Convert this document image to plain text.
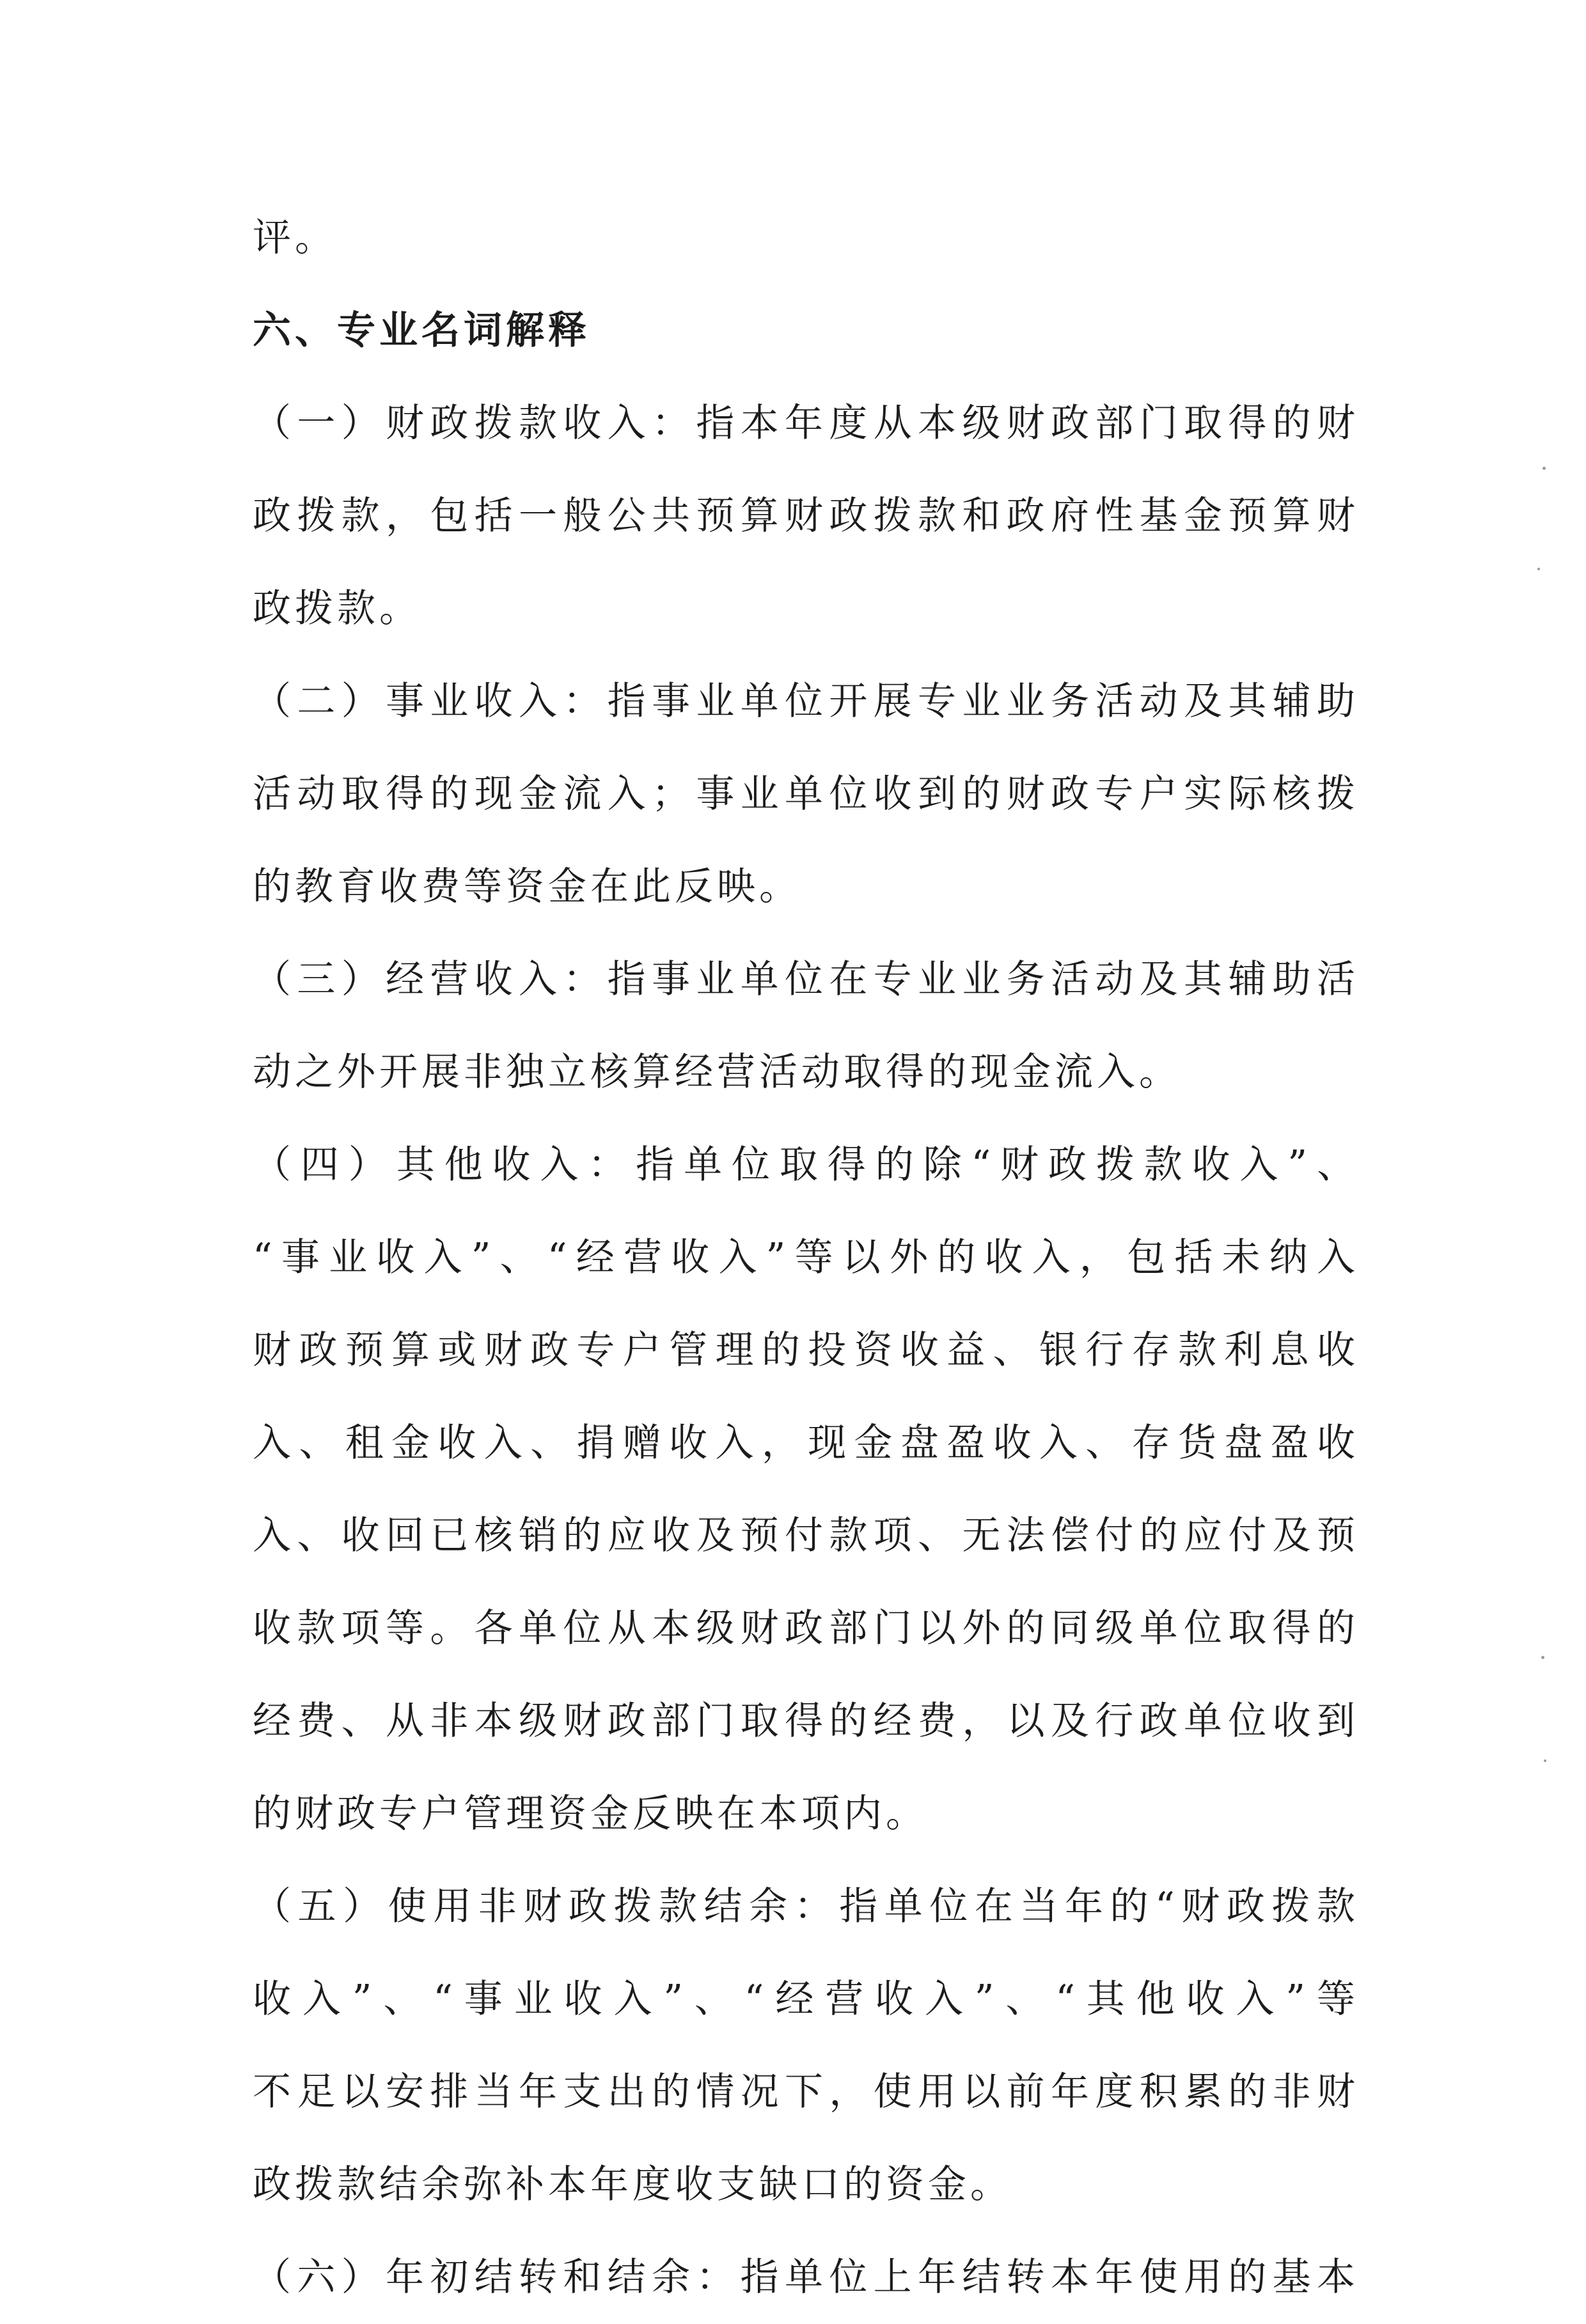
评。
六、专业名词解释
（一）财政拨款收入：指本年度从本级财政部门取得的财
政拨款，包括一般公共预算财政拨款和政府性基金预算财
政拨款。
（二）事业收入：指事业单位开展专业业务活动及其辅助
活动取得的现金流入；事业单位收到的财政专户实际核拨
的教育收费等资金在此反映。
（三）经营收入：指事业单位在专业业务活动及其辅助活
动之外开展非独立核算经营活动取得的现金流入。
（四）其他收入：指单位取得的除“财政拨款收入”、
“事业收入”、“经营收入”等以外的收入，包括未纳入
财政预算或财政专户管理的投资收益、银行存款利息收
入、租金收入、捐赠收入，现金盘盈收入、存货盘盈收
入、收回已核销的应收及预付款项、无法偿付的应付及预
收款项等。各单位从本级财政部门以外的同级单位取得的
经费、从非本级财政部门取得的经费，以及行政单位收到
的财政专户管理资金反映在本项内。
（五）使用非财政拨款结余：指单位在当年的“财政拨款
收入”、“事业收入”、“经营收入”、“其他收入”等
不足以安排当年支出的情况下，使用以前年度积累的非财
政拨款结余弥补本年度收支缺口的资金。
（六）年初结转和结余：指单位上年结转本年使用的基本
